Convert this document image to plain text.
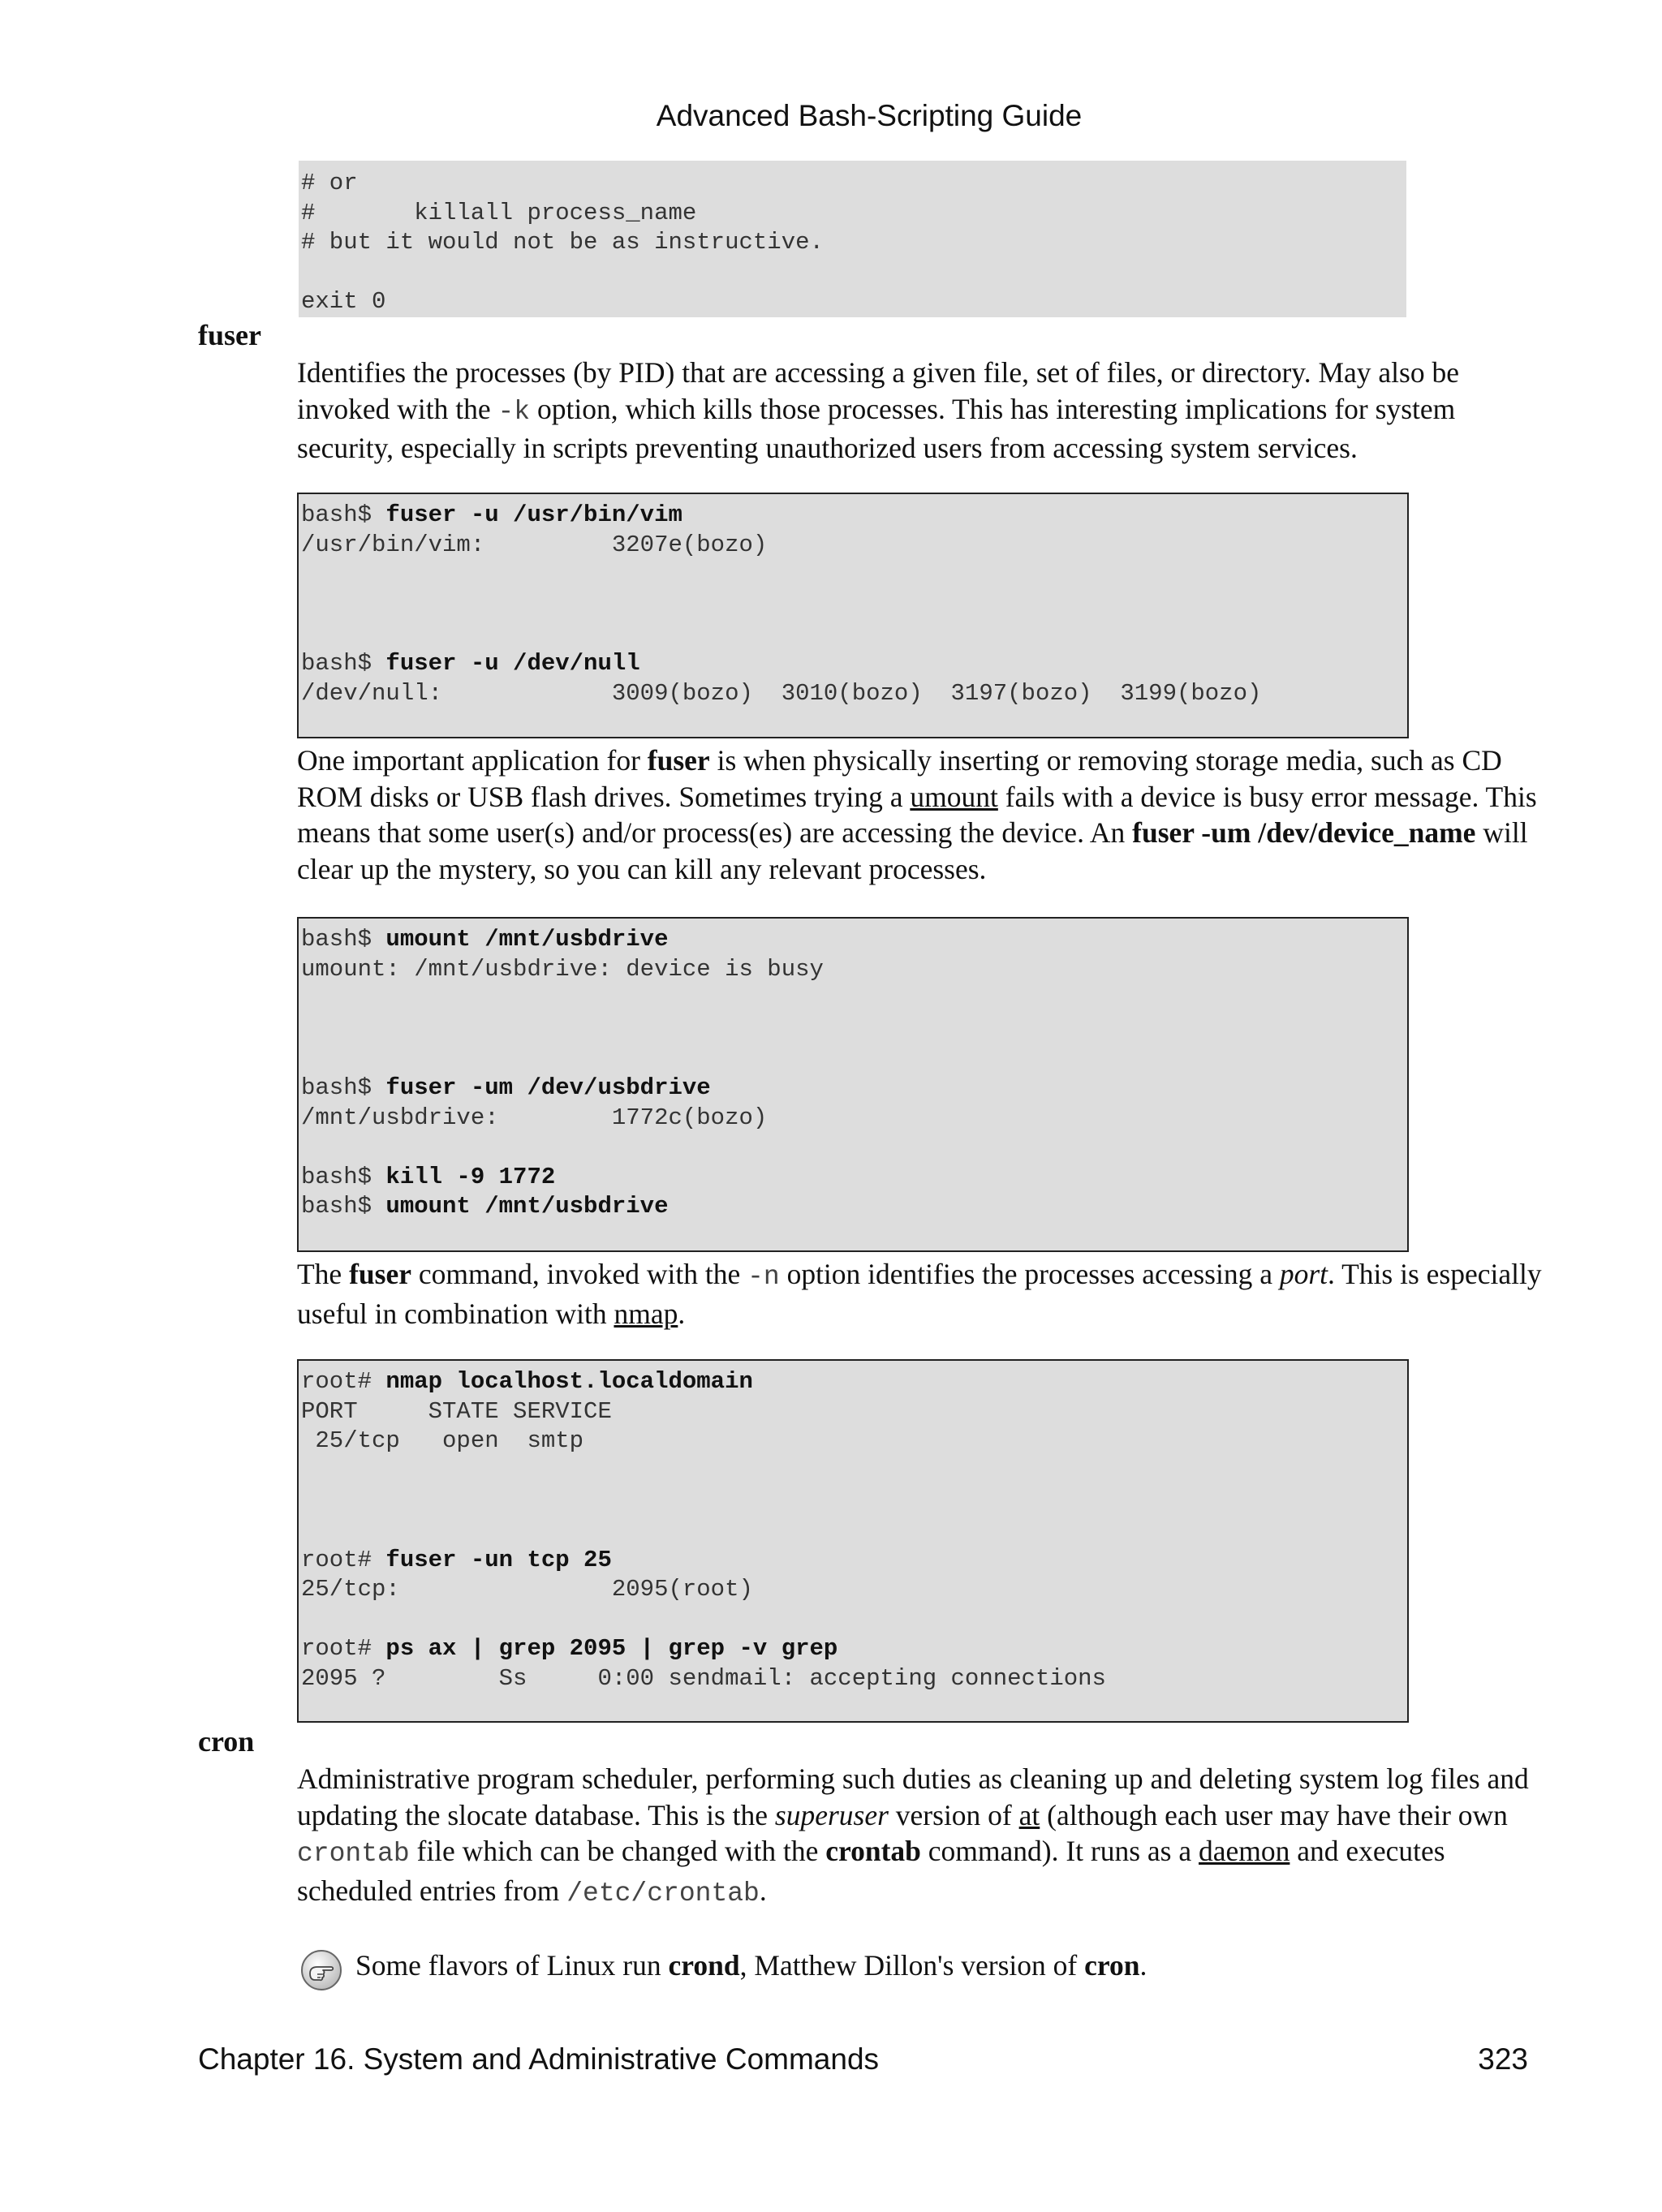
Advanced Bash-Scripting Guide
# or
#       killall process_name
# but it would not be as instructive.

exit 0
fuser
Identifies the processes (by PID) that are accessing a given file, set of files, or directory. May also be invoked with the -k option, which kills those processes. This has interesting implications for system security, especially in scripts preventing unauthorized users from accessing system services.
bash$ fuser -u /usr/bin/vim
/usr/bin/vim:         3207e(bozo)
bash$ fuser -u /dev/null
/dev/null:            3009(bozo)  3010(bozo)  3197(bozo)  3199(bozo)
One important application for fuser is when physically inserting or removing storage media, such as CD ROM disks or USB flash drives. Sometimes trying a umount fails with a device is busy error message. This means that some user(s) and/or process(es) are accessing the device. An fuser -um /dev/device_name will clear up the mystery, so you can kill any relevant processes.
bash$ umount /mnt/usbdrive
umount: /mnt/usbdrive: device is busy
bash$ fuser -um /dev/usbdrive
/mnt/usbdrive:        1772c(bozo)
bash$ kill -9 1772
bash$ umount /mnt/usbdrive
The fuser command, invoked with the -n option identifies the processes accessing a port. This is especially useful in combination with nmap.
root# nmap localhost.localdomain
PORT     STATE SERVICE
25/tcp   open  smtp
root# fuser -un tcp 25
25/tcp:               2095(root)
root# ps ax | grep 2095 | grep -v grep
2095 ?        Ss     0:00 sendmail: accepting connections
cron
Administrative program scheduler, performing such duties as cleaning up and deleting system log files and updating the slocate database. This is the superuser version of at (although each user may have their own crontab file which can be changed with the crontab command). It runs as a daemon and executes scheduled entries from /etc/crontab.
Some flavors of Linux run crond, Matthew Dillon's version of cron.
Chapter 16. System and Administrative Commands	323
